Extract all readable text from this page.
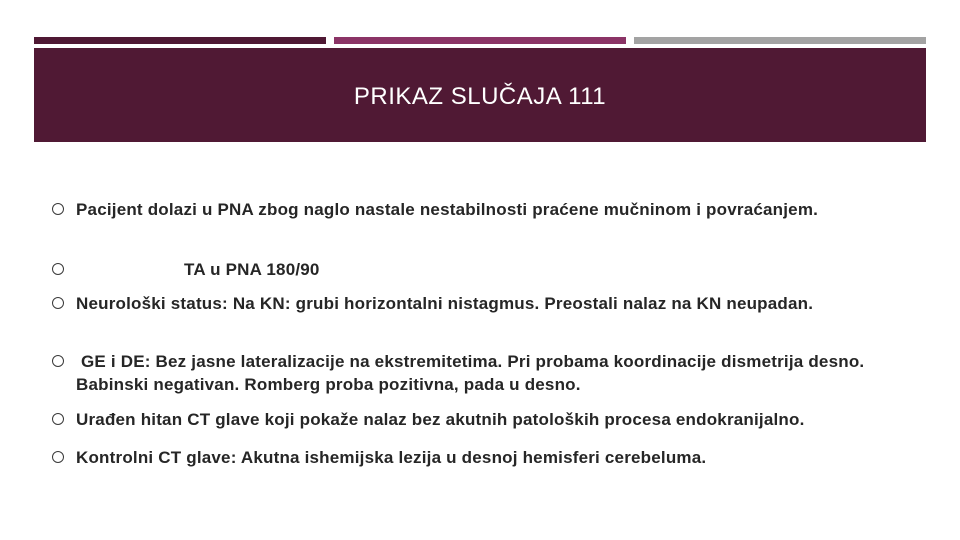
PRIKAZ SLUČAJA 111
Pacijent dolazi u PNA zbog naglo nastale nestabilnosti praćene mučninom i povraćanjem.
TA u PNA 180/90
Neurološki status: Na KN: grubi horizontalni nistagmus. Preostali nalaz na KN neupadan.
GE i DE: Bez jasne lateralizacije na ekstremitetima. Pri probama koordinacije dismetrija desno. Babinski negativan. Romberg proba pozitivna, pada u desno.
Urađen hitan CT glave koji pokaže nalaz bez akutnih patoloških procesa endokranijalno.
Kontrolni CT glave: Akutna ishemijska lezija u desnoj hemisferi cerebeluma.
